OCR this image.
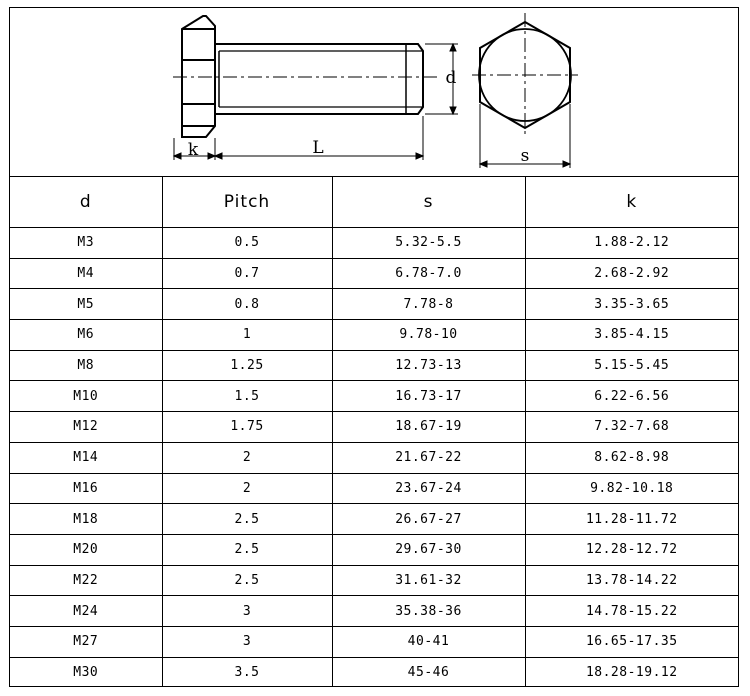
k	L
d
s
d	Pitch	s	k
M3	0.5	5.32-5.5	1.88-2.12
M4	0.7	6.78-7.0	2.68-2.92
M5	0.8	7.78-8	3.35-3.65
M6	1	9.78-10	3.85-4.15
M8	1.25	12.73-13	5.15-5.45
M10	1.5	16.73-17	6.22-6.56
M12	1.75	18.67-19	7.32-7.68
M14	2	21.67-22	8.62-8.98
M16	2	23.67-24	9.82-10.18
M18	2.5	26.67-27	11.28-11.72
M20	2.5	29.67-30	12.28-12.72
M22	2.5	31.61-32	13.78-14.22
M24	3	35.38-36	14.78-15.22
M27	3	40-41	16.65-17.35
M30	3.5	45-46	18.28-19.12
